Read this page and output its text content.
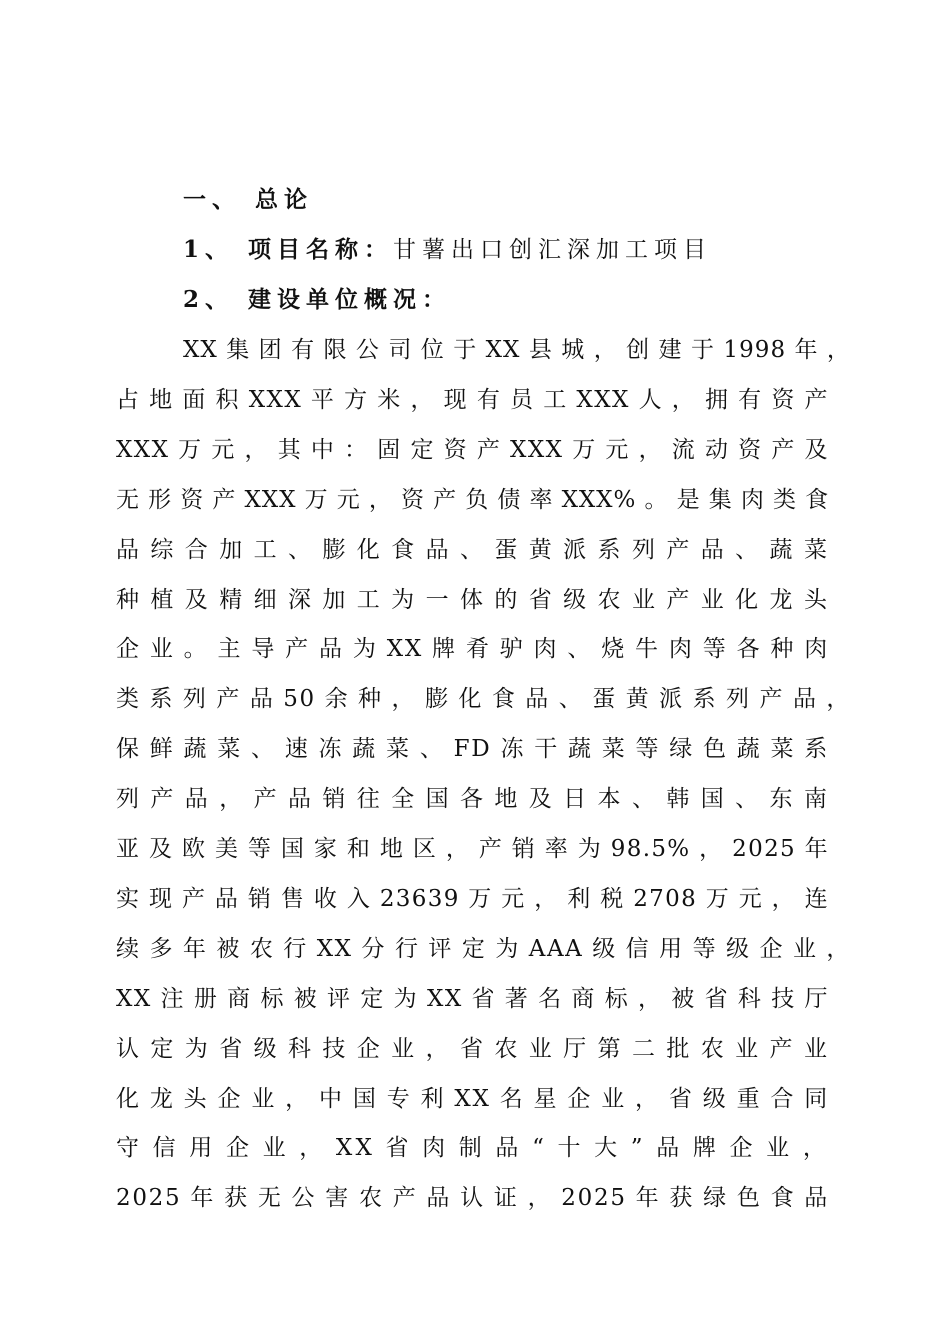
一、 总论
1、 项目名称：甘薯出口创汇深加工项目
2、 建设单位概况：
XX 集 团 有 限 公 司 位 于 XX 县 城 ， 创 建 于 1998 年 ，
占 地 面 积 XXX 平 方 米 ， 现 有 员 工 XXX 人 ， 拥 有 资 产
XXX 万 元 ， 其 中 ： 固 定 资 产 XXX 万 元 ， 流 动 资 产 及
无 形 资 产 XXX 万 元 ， 资 产 负 债 率 XXX% 。 是 集 肉 类 食
品 综 合 加 工 、 膨 化 食 品 、 蛋 黄 派 系 列 产 品 、 蔬 菜
种 植 及 精 细 深 加 工 为 一 体 的 省 级 农 业 产 业 化 龙 头
企 业 。 主 导 产 品 为 XX 牌 肴 驴 肉 、 烧 牛 肉 等 各 种 肉
类 系 列 产 品 50 余 种 ， 膨 化 食 品 、 蛋 黄 派 系 列 产 品 ，
保 鲜 蔬 菜 、 速 冻 蔬 菜 、 FD 冻 干 蔬 菜 等 绿 色 蔬 菜 系
列 产 品 ， 产 品 销 往 全 国 各 地 及 日 本 、 韩 国 、 东 南
亚 及 欧 美 等 国 家 和 地 区 ， 产 销 率 为 98.5% ， 2025 年
实 现 产 品 销 售 收 入 23639 万 元 ， 利 税 2708 万 元 ， 连
续 多 年 被 农 行 XX 分 行 评 定 为 AAA 级 信 用 等 级 企 业 ，
XX 注 册 商 标 被 评 定 为 XX 省 著 名 商 标 ， 被 省 科 技 厅
认 定 为 省 级 科 技 企 业 ， 省 农 业 厅 第 二 批 农 业 产 业
化 龙 头 企 业 ， 中 国 专 利 XX 名 星 企 业 ， 省 级 重 合 同
守 信 用 企 业 ， XX 省 肉 制 品 “ 十 大 ” 品 牌 企 业 ，
2025 年 获 无 公 害 农 产 品 认 证 ， 2025 年 获 绿 色 食 品
